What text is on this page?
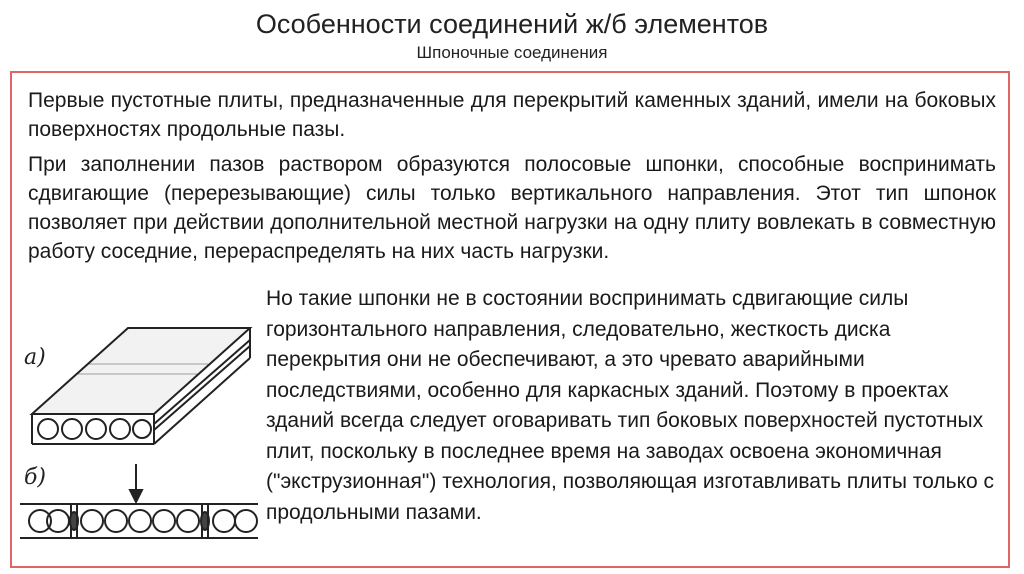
Особенности соединений ж/б элементов
Шпоночные соединения

Первые пустотные плиты, предназначенные для перекрытий каменных зданий, имели на боковых поверхностях продольные пазы.

При заполнении пазов раствором образуются полосовые шпонки, способные воспринимать сдвигающие (перерезывающие) силы только вертикального направления. Этот тип шпонок позволяет при действии дополнительной местной нагрузки на одну плиту вовлекать в совместную работу соседние, перераспределять на них часть нагрузки.

а)
б)

Но такие шпонки не в состоянии воспринимать сдвигающие силы горизонтального направления, следовательно, жесткость диска перекрытия они не обеспечивают, а это чревато аварийными последствиями, особенно для каркасных зданий. Поэтому в проектах зданий всегда следует оговаривать тип боковых поверхностей пустотных плит, поскольку в последнее время на заводах освоена экономичная ("экструзионная") технология, позволяющая изготавливать плиты только с продольными пазами.
